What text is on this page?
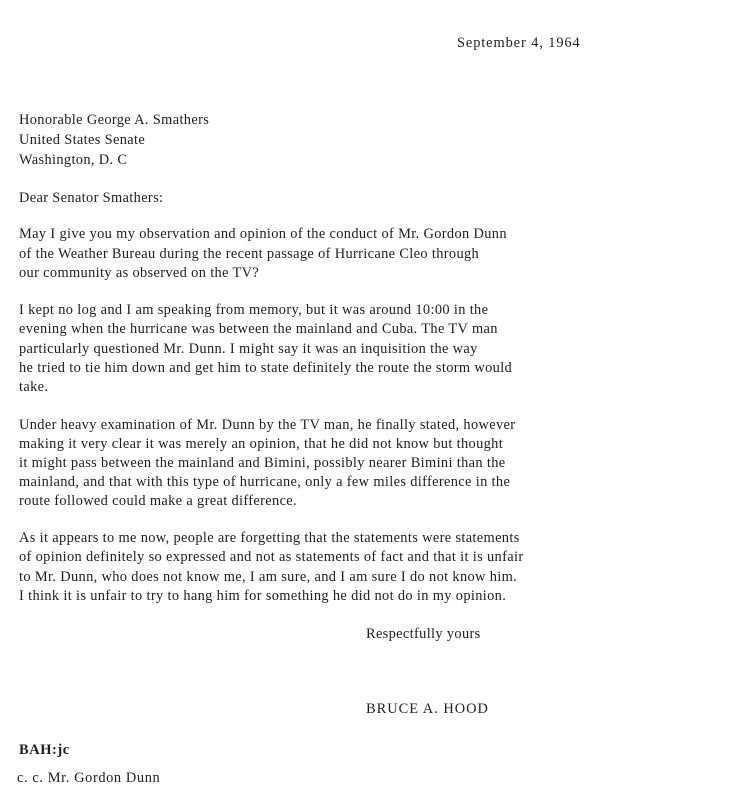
September 4, 1964

Honorable George A. Smathers

United States Senate

Washington, D. C

Dear Senator Smathers:

May I give you my observation and opinion of the conduct of Mr. Gordon Dunn

of the Weather Bureau during the recent passage of Hurricane Cleo through

our community as observed on the TV?

I kept no log and I am speaking from memory, but it was around 10:00 in the

evening when the hurricane was between the mainland and Cuba. The TV man

particularly questioned Mr. Dunn. I might say it was an inquisition the way

he tried to tie him down and get him to state definitely the route the storm would

take.

Under heavy examination of Mr. Dunn by the TV man, he finally stated, however

making it very clear it was merely an opinion, that he did not know but thought

it might pass between the mainland and Bimini, possibly nearer Bimini than the

mainland, and that with this type of hurricane, only a few miles difference in the

route followed could make a great difference.

As it appears to me now, people are forgetting that the statements were statements

of opinion definitely so expressed and not as statements of fact and that it is unfair

to Mr. Dunn, who does not know me, I am sure, and I am sure I do not know him.

I think it is unfair to try to hang him for something he did not do in my opinion.

Respectfully yours

BRUCE A. HOOD

BAH:jc

c. c. Mr. Gordon Dunn
